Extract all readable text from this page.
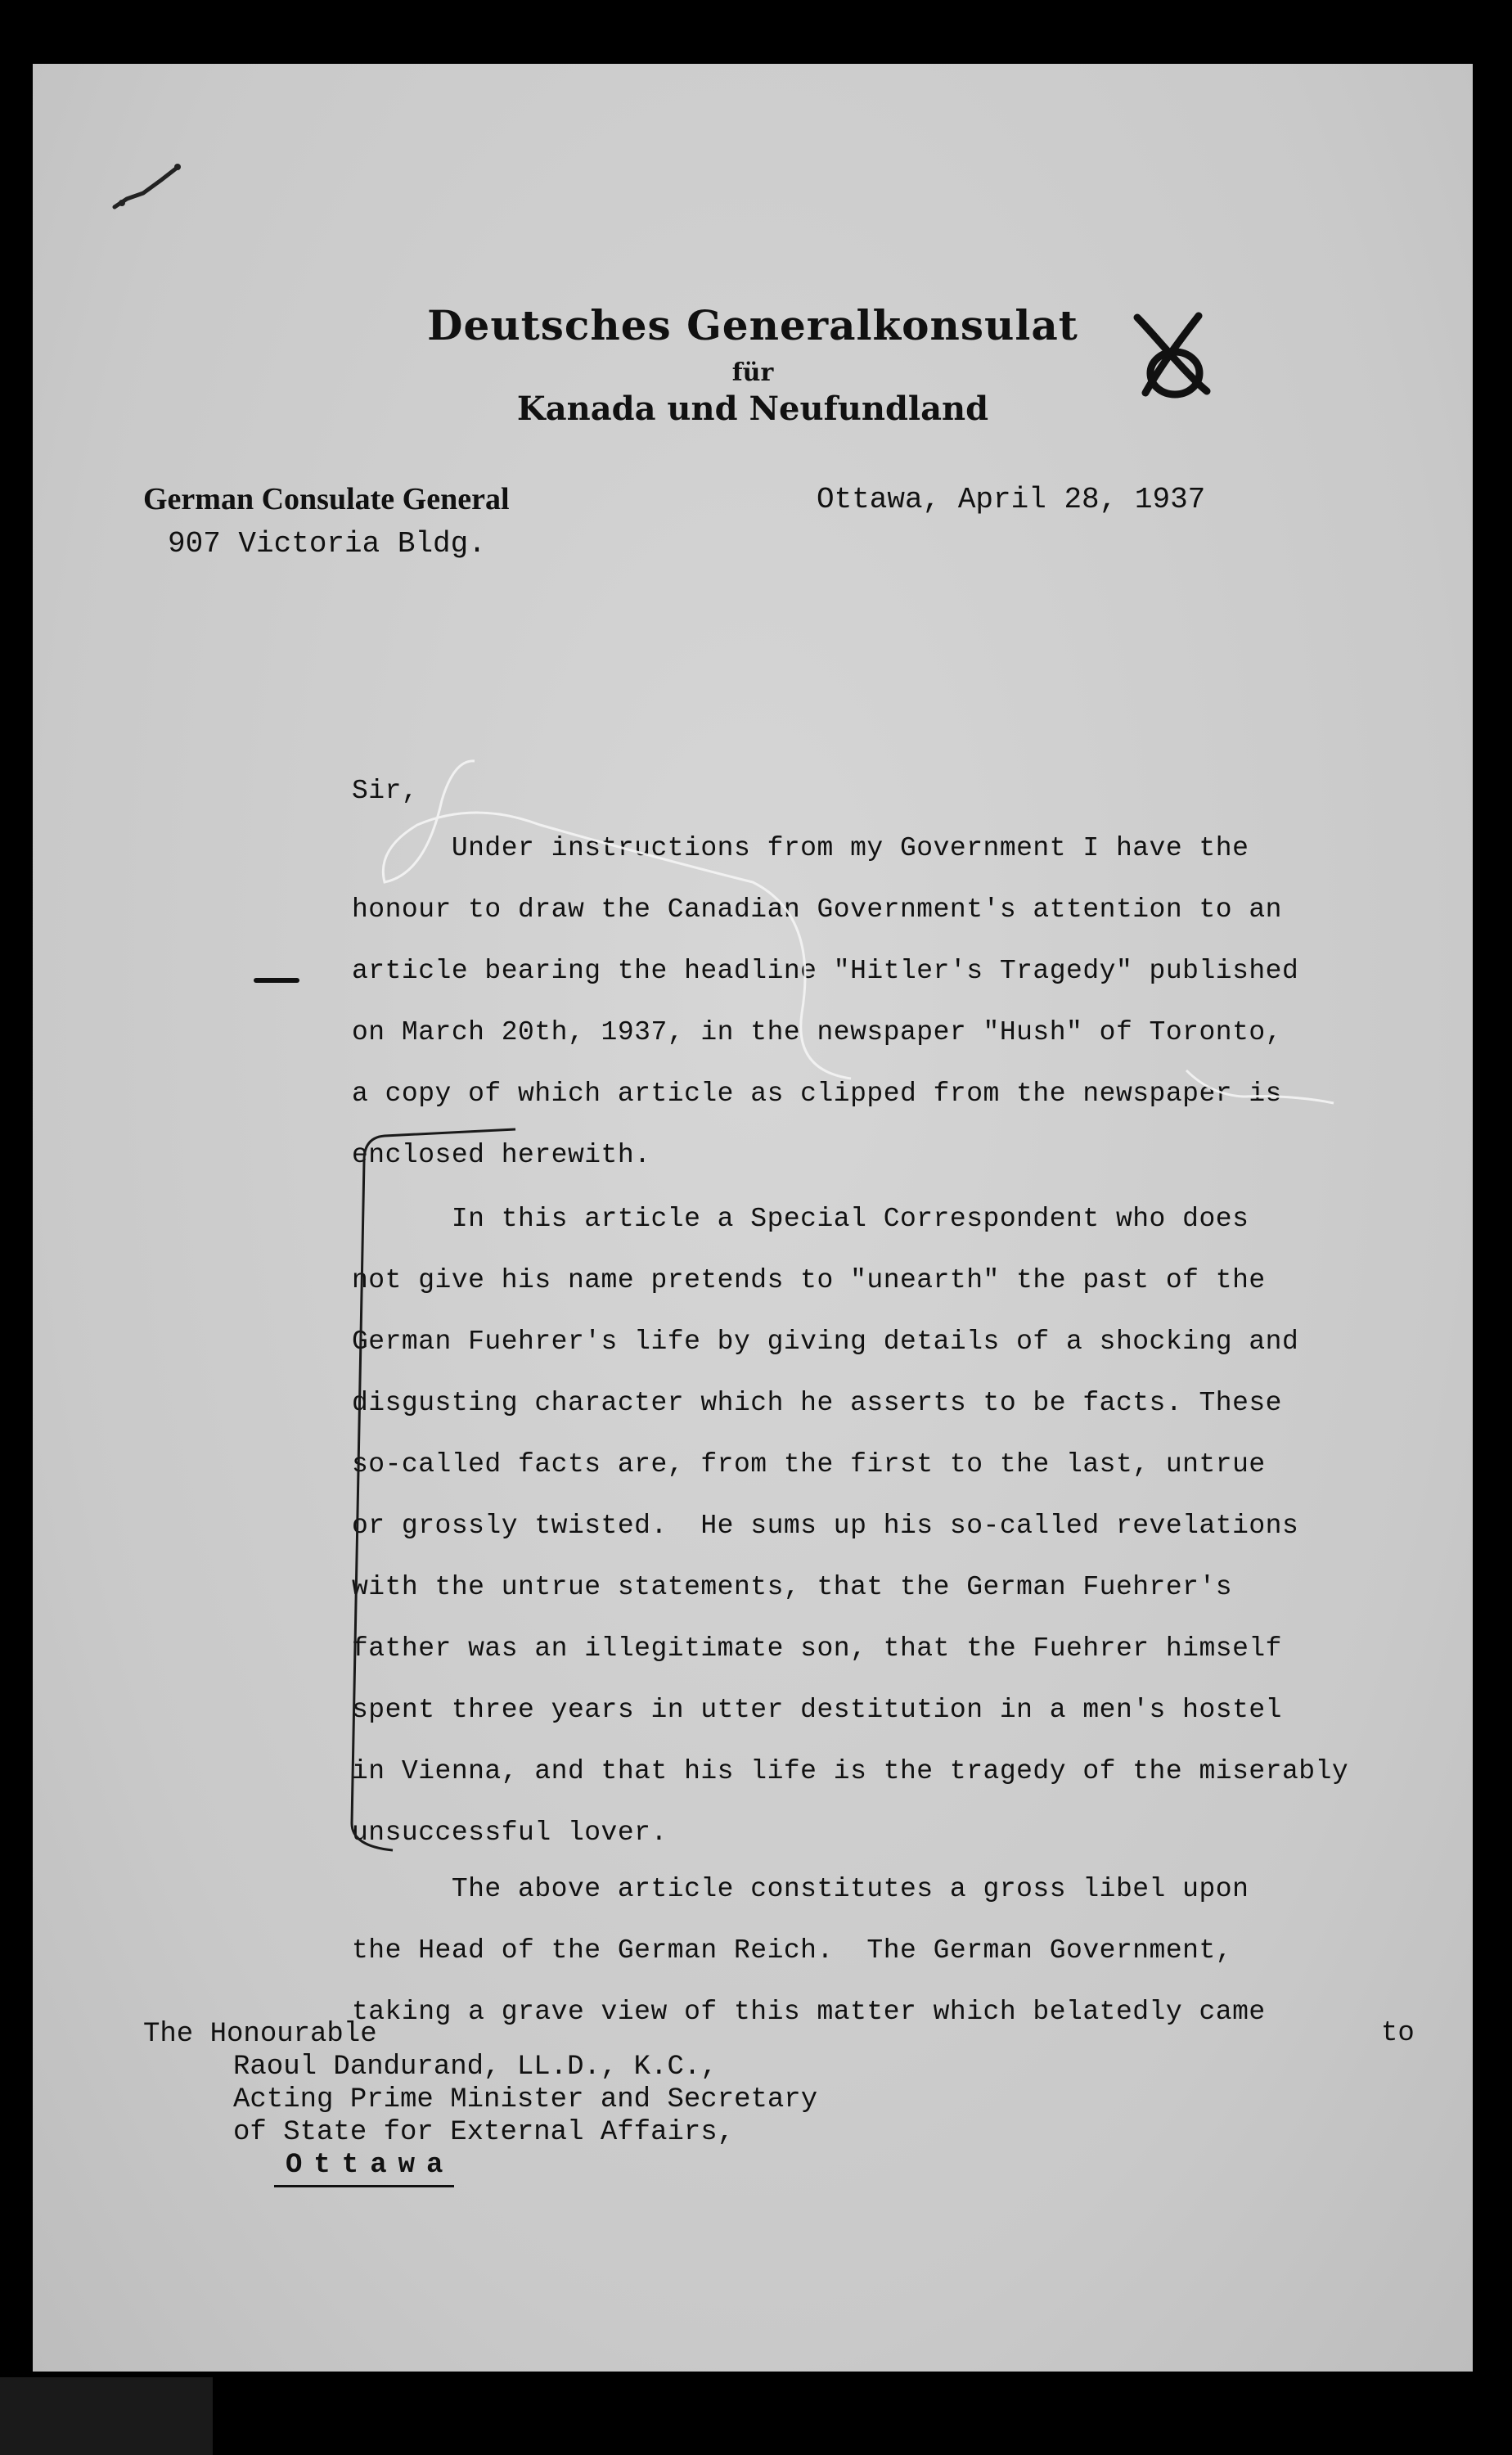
Deutsches Generalkonsulat
für
Kanada und Neufundland

German Consulate General

907 Victoria Bldg.

Ottawa, April 28, 1937
Sir,
Under instructions from my Government I have the
honour to draw the Canadian Government's attention to an
article bearing the headline "Hitler's Tragedy" published
on March 20th, 1937, in the newspaper "Hush" of Toronto,
a copy of which article as clipped from the newspaper is
enclosed herewith.
In this article a Special Correspondent who does
not give his name pretends to "unearth" the past of the
German Fuehrer's life by giving details of a shocking and
disgusting character which he asserts to be facts. These
so-called facts are, from the first to the last, untrue
or grossly twisted.  He sums up his so-called revelations
with the untrue statements, that the German Fuehrer's
father was an illegitimate son, that the Fuehrer himself
spent three years in utter destitution in a men's hostel
in Vienna, and that his life is the tragedy of the miserably
unsuccessful lover.
The above article constitutes a gross libel upon
the Head of the German Reich.  The German Government,
taking a grave view of this matter which belatedly came
The Honourable
Raoul Dandurand, LL.D., K.C.,
Acting Prime Minister and Secretary
of State for External Affairs,
Ottawa
to
